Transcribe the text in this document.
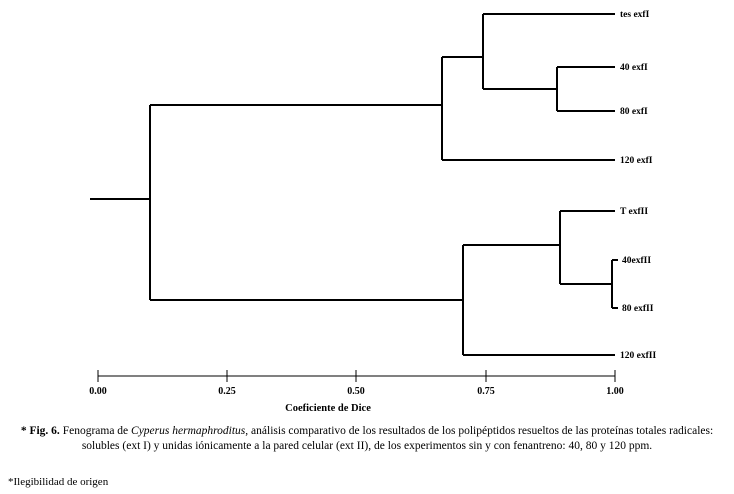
tes exfI
40 exfI
80 exfI
120 exfI
T exfII
40exfII
80 exfII
120 exfII
0.00	0.25	0.50	0.75	1.00
Coeficiente de Dice
* Fig. 6. Fenograma de Cyperus hermaphroditus, análisis comparativo de los resultados de los polipéptidos resueltos de las proteínas totales radicales: solubles (ext I) y unidas iónicamente a la pared celular (ext II), de los experimentos sin y con fenantreno: 40, 80 y 120 ppm.
*Ilegibilidad de origen
